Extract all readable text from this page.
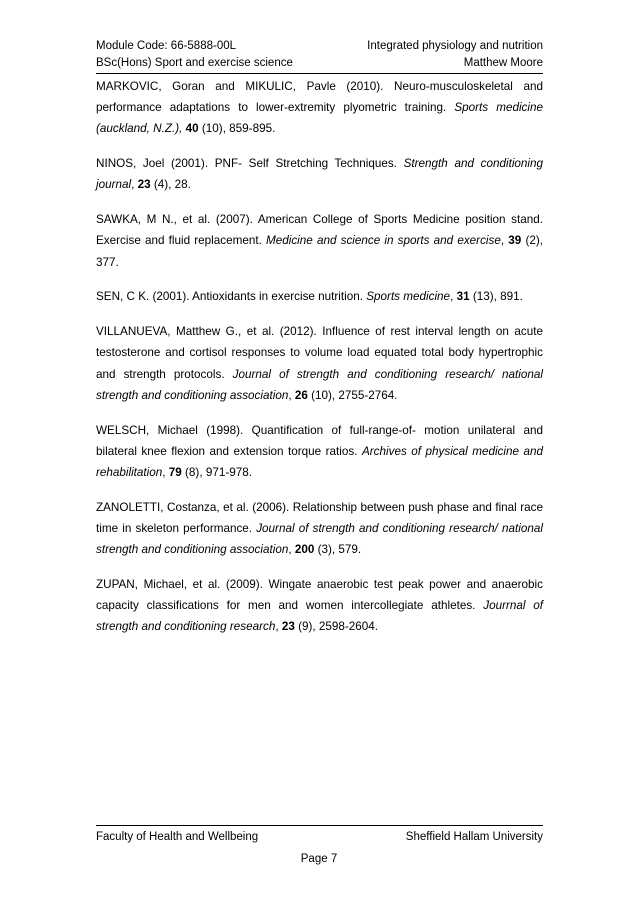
Module Code: 66-5888-00L	Integrated physiology and nutrition
BSc(Hons) Sport and exercise science	Matthew Moore

MARKOVIC, Goran and MIKULIC, Pavle (2010). Neuro-musculoskeletal and performance adaptations to lower-extremity plyometric training. Sports medicine (auckland, N.Z.), 40 (10), 859-895.

NINOS, Joel (2001). PNF- Self Stretching Techniques. Strength and conditioning journal, 23 (4), 28.

SAWKA, M N., et al. (2007). American College of Sports Medicine position stand. Exercise and fluid replacement. Medicine and science in sports and exercise, 39 (2), 377.

SEN, C K. (2001). Antioxidants in exercise nutrition. Sports medicine, 31 (13), 891.

VILLANUEVA, Matthew G., et al. (2012). Influence of rest interval length on acute testosterone and cortisol responses to volume load equated total body hypertrophic and strength protocols. Journal of strength and conditioning research/ national strength and conditioning association, 26 (10), 2755-2764.

WELSCH, Michael (1998). Quantification of full-range-of- motion unilateral and bilateral knee flexion and extension torque ratios. Archives of physical medicine and rehabilitation, 79 (8), 971-978.

ZANOLETTI, Costanza, et al. (2006). Relationship between push phase and final race time in skeleton performance. Journal of strength and conditioning research/ national strength and conditioning association, 200 (3), 579.

ZUPAN, Michael, et al. (2009). Wingate anaerobic test peak power and anaerobic capacity classifications for men and women intercollegiate athletes. Jourrnal of strength and conditioning research, 23 (9), 2598-2604.

Faculty of Health and Wellbeing	Sheffield Hallam University
Page 7
